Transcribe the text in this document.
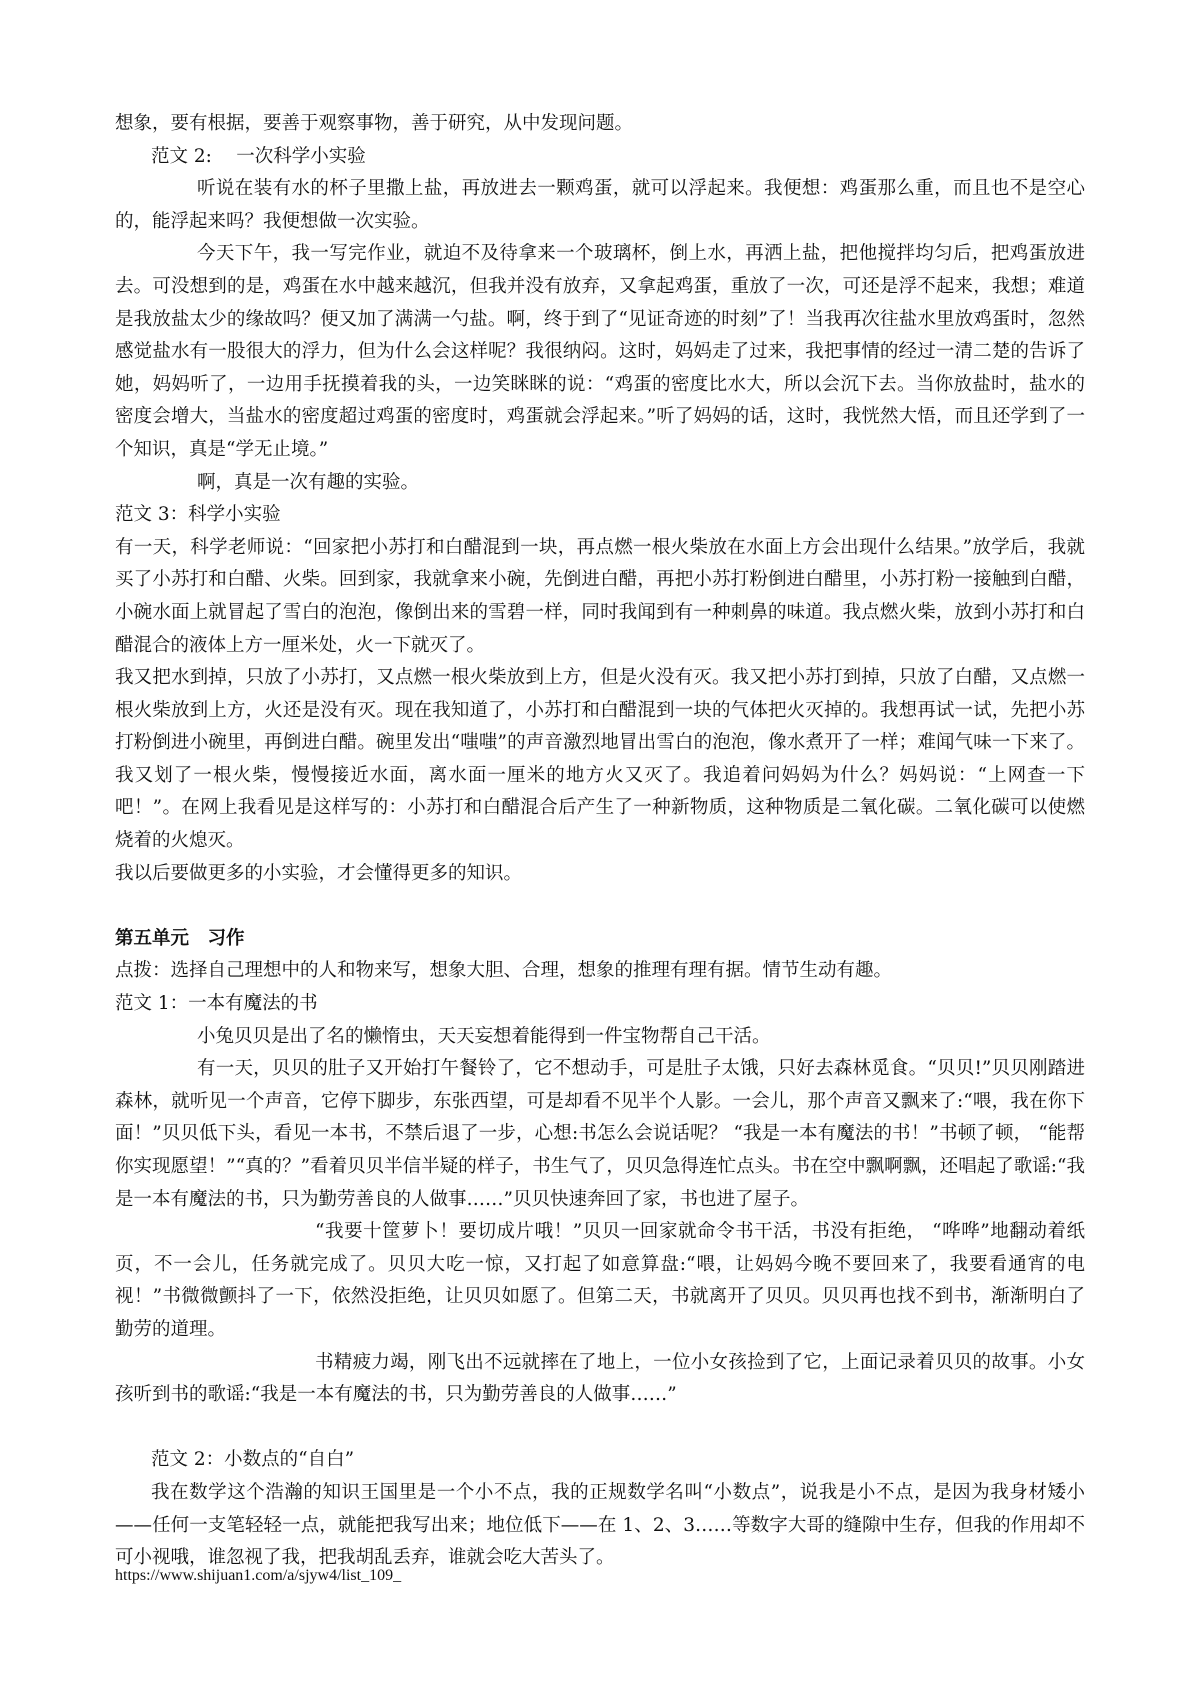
想象，要有根据，要善于观察事物，善于研究，从中发现问题。

范文 2:　 一次科学小实验

听说在装有水的杯子里撒上盐，再放进去一颗鸡蛋，就可以浮起来。我便想：鸡蛋那么重，而且也不是空心的，能浮起来吗？我便想做一次实验。

今天下午，我一写完作业，就迫不及待拿来一个玻璃杯，倒上水，再洒上盐，把他搅拌均匀后，把鸡蛋放进去。可没想到的是，鸡蛋在水中越来越沉，但我并没有放弃，又拿起鸡蛋，重放了一次，可还是浮不起来，我想；难道是我放盐太少的缘故吗？便又加了满满一勺盐。啊，终于到了“见证奇迹的时刻”了！当我再次往盐水里放鸡蛋时，忽然感觉盐水有一股很大的浮力，但为什么会这样呢？我很纳闷。这时，妈妈走了过来，我把事情的经过一清二楚的告诉了她，妈妈听了，一边用手抚摸着我的头，一边笑眯眯的说：“鸡蛋的密度比水大，所以会沉下去。当你放盐时，盐水的密度会增大，当盐水的密度超过鸡蛋的密度时，鸡蛋就会浮起来。”听了妈妈的话，这时，我恍然大悟，而且还学到了一个知识，真是“学无止境。”

啊，真是一次有趣的实验。

范文 3：科学小实验

有一天，科学老师说：“回家把小苏打和白醋混到一块，再点燃一根火柴放在水面上方会出现什么结果。”放学后，我就买了小苏打和白醋、火柴。回到家，我就拿来小碗，先倒进白醋，再把小苏打粉倒进白醋里，小苏打粉一接触到白醋，小碗水面上就冒起了雪白的泡泡，像倒出来的雪碧一样，同时我闻到有一种刺鼻的味道。我点燃火柴，放到小苏打和白醋混合的液体上方一厘米处，火一下就灭了。

我又把水到掉，只放了小苏打，又点燃一根火柴放到上方，但是火没有灭。我又把小苏打到掉，只放了白醋，又点燃一根火柴放到上方，火还是没有灭。现在我知道了，小苏打和白醋混到一块的气体把火灭掉的。我想再试一试，先把小苏打粉倒进小碗里，再倒进白醋。碗里发出“嗤嗤”的声音激烈地冒出雪白的泡泡，像水煮开了一样；难闻气味一下来了。我又划了一根火柴，慢慢接近水面，离水面一厘米的地方火又灭了。我追着问妈妈为什么？妈妈说：“上网查一下吧！”。在网上我看见是这样写的：小苏打和白醋混合后产生了一种新物质，这种物质是二氧化碳。二氧化碳可以使燃烧着的火熄灭。

我以后要做更多的小实验，才会懂得更多的知识。

第五单元　习作

点拨：选择自己理想中的人和物来写，想象大胆、合理，想象的推理有理有据。情节生动有趣。

范文 1：一本有魔法的书

小兔贝贝是出了名的懒惰虫，天天妄想着能得到一件宝物帮自己干活。

有一天，贝贝的肚子又开始打午餐铃了，它不想动手，可是肚子太饿，只好去森林觅食。“贝贝!”贝贝刚踏进森林，就听见一个声音，它停下脚步，东张西望，可是却看不见半个人影。一会儿，那个声音又飘来了:“喂，我在你下面！”贝贝低下头，看见一本书，不禁后退了一步，心想:书怎么会说话呢？ “我是一本有魔法的书！”书顿了顿， “能帮你实现愿望！”“真的？”看着贝贝半信半疑的样子，书生气了，贝贝急得连忙点头。书在空中飘啊飘，还唱起了歌谣:“我是一本有魔法的书，只为勤劳善良的人做事……”贝贝快速奔回了家，书也进了屋子。

“我要十筐萝卜！要切成片哦！”贝贝一回家就命令书干活，书没有拒绝， “哗哗”地翻动着纸页，不一会儿，任务就完成了。贝贝大吃一惊，又打起了如意算盘:“喂，让妈妈今晚不要回来了，我要看通宵的电视！”书微微颤抖了一下，依然没拒绝，让贝贝如愿了。但第二天，书就离开了贝贝。贝贝再也找不到书，渐渐明白了勤劳的道理。

书精疲力竭，刚飞出不远就摔在了地上，一位小女孩捡到了它，上面记录着贝贝的故事。小女孩听到书的歌谣:“我是一本有魔法的书，只为勤劳善良的人做事……”

范文 2：小数点的“自白”

我在数学这个浩瀚的知识王国里是一个小不点，我的正规数学名叫“小数点”，说我是小不点，是因为我身材矮小——任何一支笔轻轻一点，就能把我写出来；地位低下——在 1、2、3……等数字大哥的缝隙中生存，但我的作用却不可小视哦，谁忽视了我，把我胡乱丢弃，谁就会吃大苦头了。

https://www.shijuan1.com/a/sjyw4/list_109_
